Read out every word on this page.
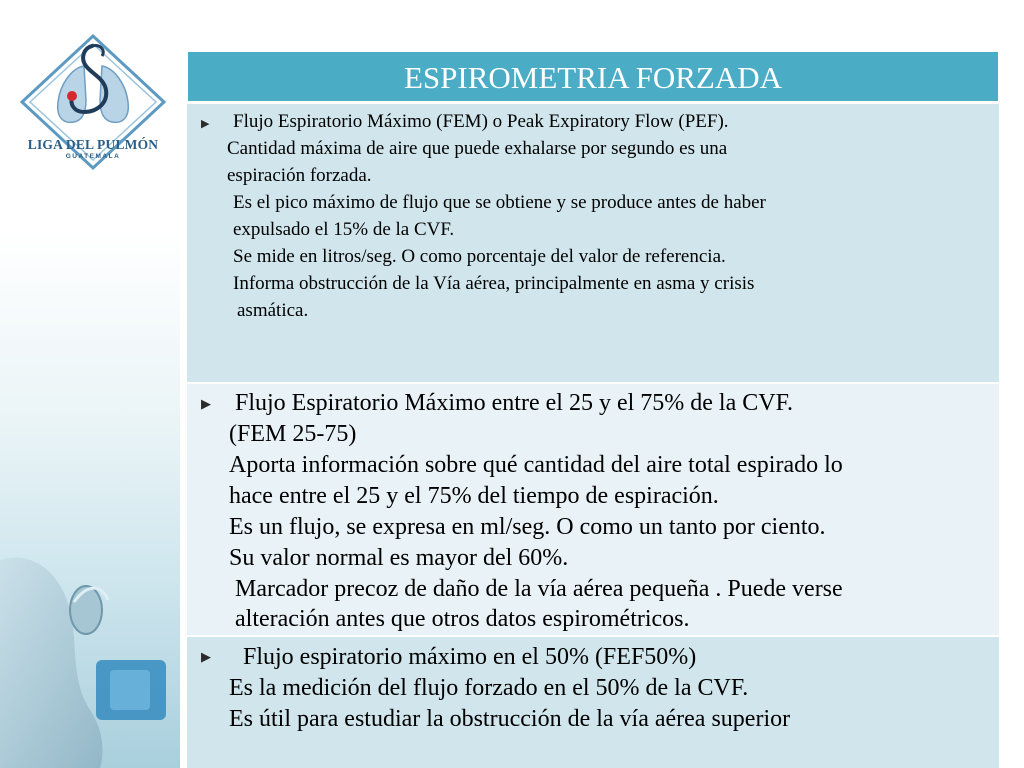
LIGA DEL PULMÓN
GUATEMALA
ESPIROMETRIA FORZADA
▶ Flujo Espiratorio Máximo (FEM) o Peak Expiratory Flow (PEF).
Cantidad máxima de aire que puede exhalarse por segundo es una
espiración forzada.
Es el pico máximo de flujo que se obtiene y se produce antes de haber
expulsado el 15% de la CVF.
Se mide en litros/seg. O como porcentaje del valor de referencia.
Informa obstrucción de la Vía aérea, principalmente en asma y crisis
asmática.
▶ Flujo Espiratorio Máximo entre el 25 y el 75% de la CVF.
(FEM 25-75)
Aporta información sobre qué cantidad del aire total espirado lo
hace entre el 25 y el 75% del tiempo de espiración.
Es un flujo, se expresa en ml/seg. O como un tanto por ciento.
Su valor normal es mayor del 60%.
Marcador precoz de daño de la vía aérea pequeña . Puede verse
alteración antes que otros datos espirométricos.
▶ Flujo espiratorio máximo en el 50% (FEF50%)
Es la medición del flujo forzado en el 50% de la CVF.
Es útil para estudiar la obstrucción de la vía aérea superior
